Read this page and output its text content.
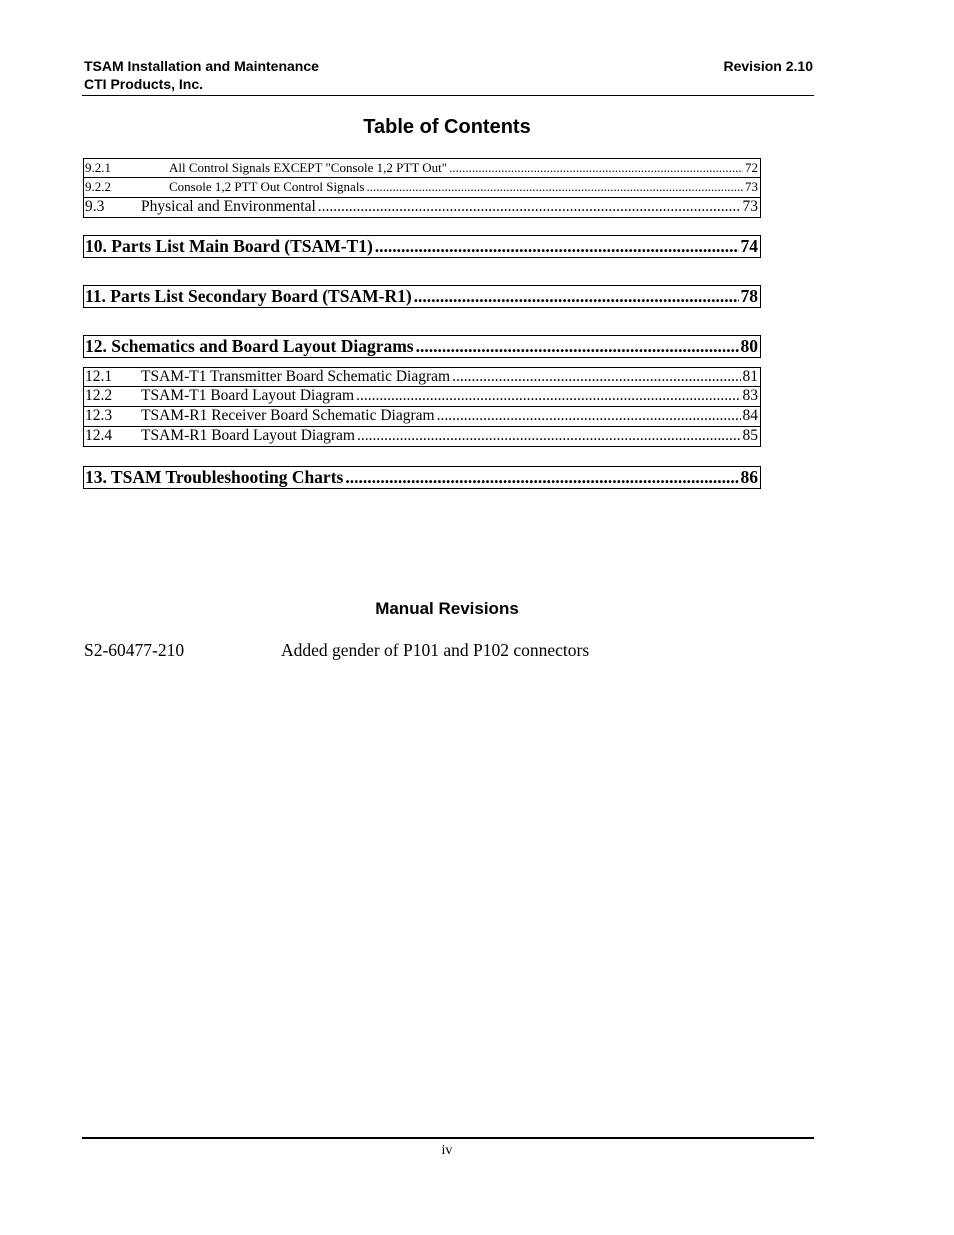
TSAM Installation and Maintenance
CTI Products, Inc.
Revision 2.10
Table of Contents
9.2.1	All Control Signals EXCEPT "Console 1,2 PTT Out" .....	72
9.2.2	Console 1,2 PTT Out Control Signals .....	73
9.3	Physical and Environmental .....	73
10. Parts List Main Board (TSAM-T1) .....	74
11. Parts List Secondary Board (TSAM-R1) .....	78
12. Schematics and Board Layout Diagrams .....	80
12.1	TSAM-T1 Transmitter Board Schematic Diagram .....	81
12.2	TSAM-T1 Board Layout Diagram .....	83
12.3	TSAM-R1 Receiver Board Schematic Diagram .....	84
12.4	TSAM-R1 Board Layout Diagram .....	85
13. TSAM Troubleshooting Charts .....	86
Manual Revisions
S2-60477-210	Added gender of P101 and P102 connectors
iv
